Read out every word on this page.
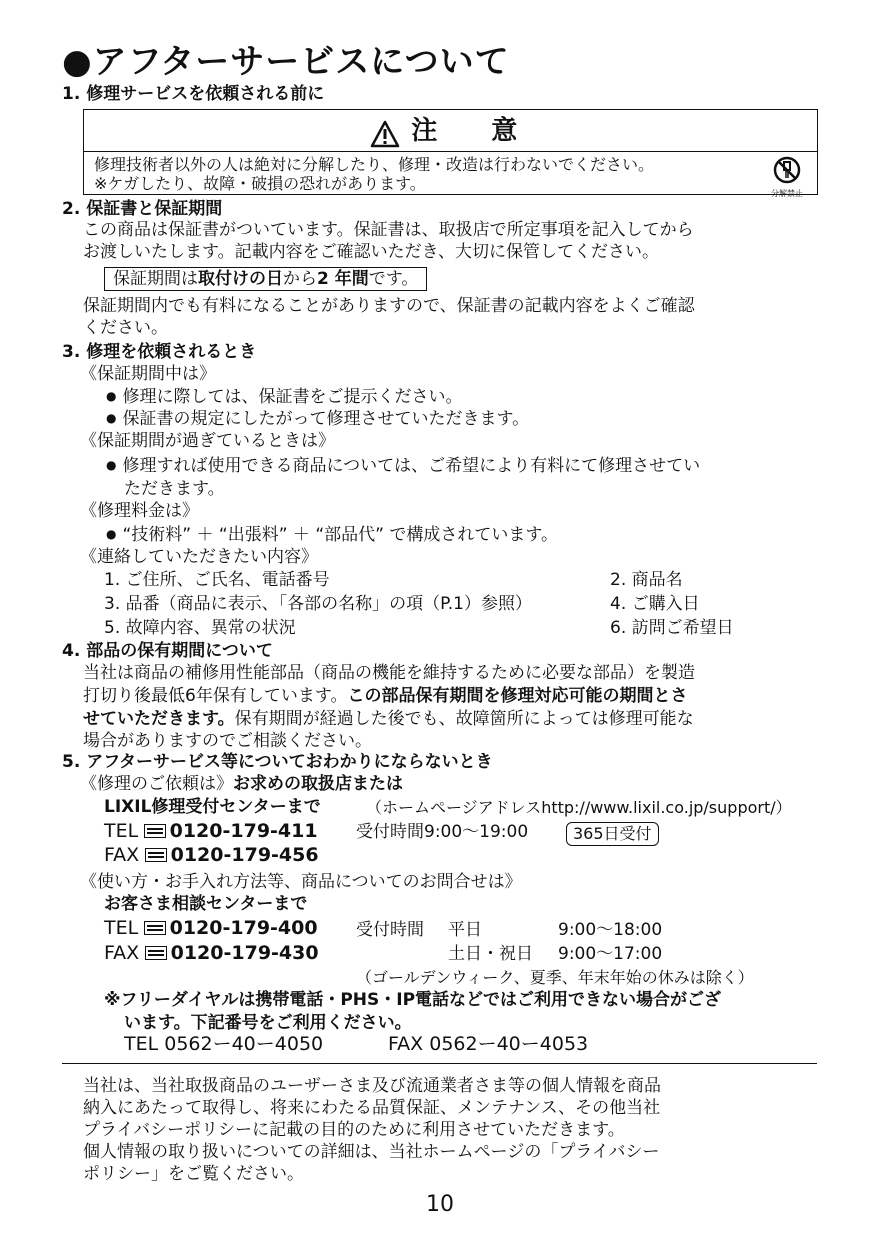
●アフターサービスについて
1. 修理サービスを依頼される前に
注　意
修理技術者以外の人は絶対に分解したり、修理・改造は行わないでください。
※ケガしたり、故障・破損の恐れがあります。
分解禁止
2. 保証書と保証期間
この商品は保証書がついています。保証書は、取扱店で所定事項を記入してから
お渡しいたします。記載内容をご確認いただき、大切に保管してください。
保証期間は取付けの日から2 年間です。
保証期間内でも有料になることがありますので、保証書の記載内容をよくご確認
ください。
3. 修理を依頼されるとき
《保証期間中は》
● 修理に際しては、保証書をご提示ください。
● 保証書の規定にしたがって修理させていただきます。
《保証期間が過ぎているときは》
● 修理すれば使用できる商品については、ご希望により有料にて修理させてい
ただきます。
《修理料金は》
● “技術料” ＋ “出張料” ＋ “部品代” で構成されています。
《連絡していただきたい内容》
1. ご住所、ご氏名、電話番号	2. 商品名
3. 品番（商品に表示、「各部の名称」の項（P.1）参照）	4. ご購入日
5. 故障内容、異常の状況	6. 訪問ご希望日
4. 部品の保有期間について
当社は商品の補修用性能部品（商品の機能を維持するために必要な部品）を製造
打切り後最低6年保有しています。この部品保有期間を修理対応可能の期間とさ
せていただきます。保有期間が経過した後でも、故障箇所によっては修理可能な
場合がありますのでご相談ください。
5. アフターサービス等についておわかりにならないとき
《修理のご依頼は》お求めの取扱店または
LIXIL修理受付センターまで	（ホームページアドレスhttp://www.lixil.co.jp/support/）
TEL 0120-179-411 受付時間9:00～19:00	365日受付
FAX 0120-179-456
《使い方・お手入れ方法等、商品についてのお問合せは》
お客さま相談センターまで
TEL 0120-179-400 受付時間 平日	9:00～18:00
FAX 0120-179-430	土日・祝日 9:00～17:00
（ゴールデンウィーク、夏季、年末年始の休みは除く）
※フリーダイヤルは携帯電話・PHS・IP電話などではご利用できない場合がござ
います。下記番号をご利用ください。
TEL 0562ー40ー4050	FAX 0562ー40ー4053
当社は、当社取扱商品のユーザーさま及び流通業者さま等の個人情報を商品
納入にあたって取得し、将来にわたる品質保証、メンテナンス、その他当社
プライバシーポリシーに記載の目的のために利用させていただきます。
個人情報の取り扱いについての詳細は、当社ホームページの「プライバシー
ポリシー」をご覧ください。
10
